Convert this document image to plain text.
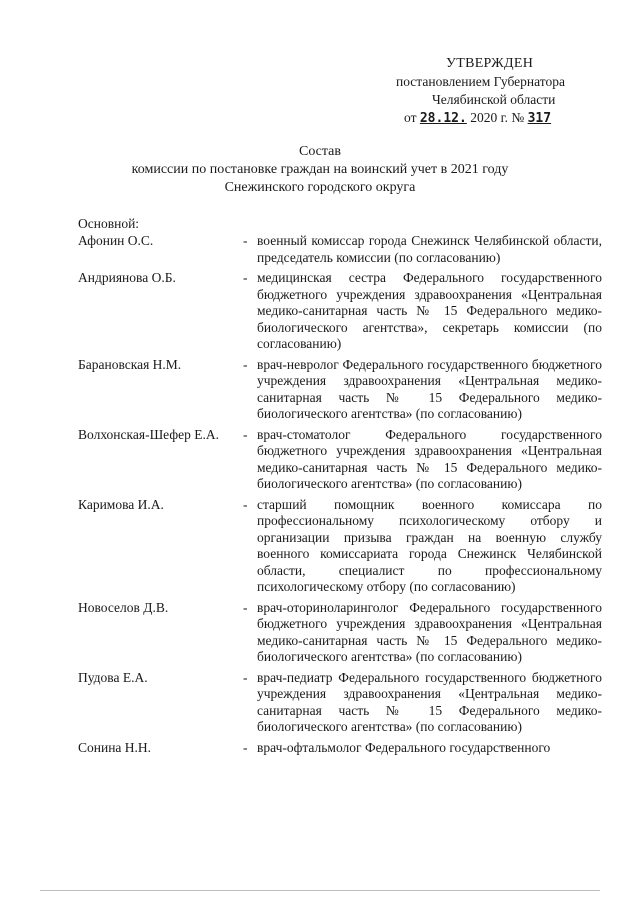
УТВЕРЖДЕН
постановлением Губернатора
Челябинской области
от 28.12. 2020 г. № 317
Состав
комиссии по постановке граждан на воинский учет в 2021 году
Снежинского городского округа
Основной:
Афонин О.С.	- военный комиссар города Снежинск Челябинской области, председатель комиссии (по согласованию)
Андриянова О.Б.	- медицинская сестра Федерального государственного бюджетного учреждения здравоохранения «Центральная медико-санитарная часть № 15 Федерального медико-биологического агентства», секретарь комиссии (по согласованию)
Барановская Н.М.	- врач-невролог Федерального государственного бюджетного учреждения здравоохранения «Центральная медико-санитарная часть № 15 Федерального медико-биологического агентства» (по согласованию)
Волхонская-Шефер Е.А.	- врач-стоматолог Федерального государственного бюджетного учреждения здравоохранения «Центральная медико-санитарная часть № 15 Федерального медико-биологического агентства» (по согласованию)
Каримова И.А.	- старший помощник военного комиссара по профессиональному психологическому отбору и организации призыва граждан на военную службу военного комиссариата города Снежинск Челябинской области, специалист по профессиональному психологическому отбору (по согласованию)
Новоселов Д.В.	- врач-оториноларинголог Федерального государственного бюджетного учреждения здравоохранения «Центральная медико-санитарная часть № 15 Федерального медико-биологического агентства» (по согласованию)
Пудова Е.А.	- врач-педиатр Федерального государственного бюджетного учреждения здравоохранения «Центральная медико-санитарная часть № 15 Федерального медико-биологического агентства» (по согласованию)
Сонина Н.Н.	- врач-офтальмолог Федерального государственного
